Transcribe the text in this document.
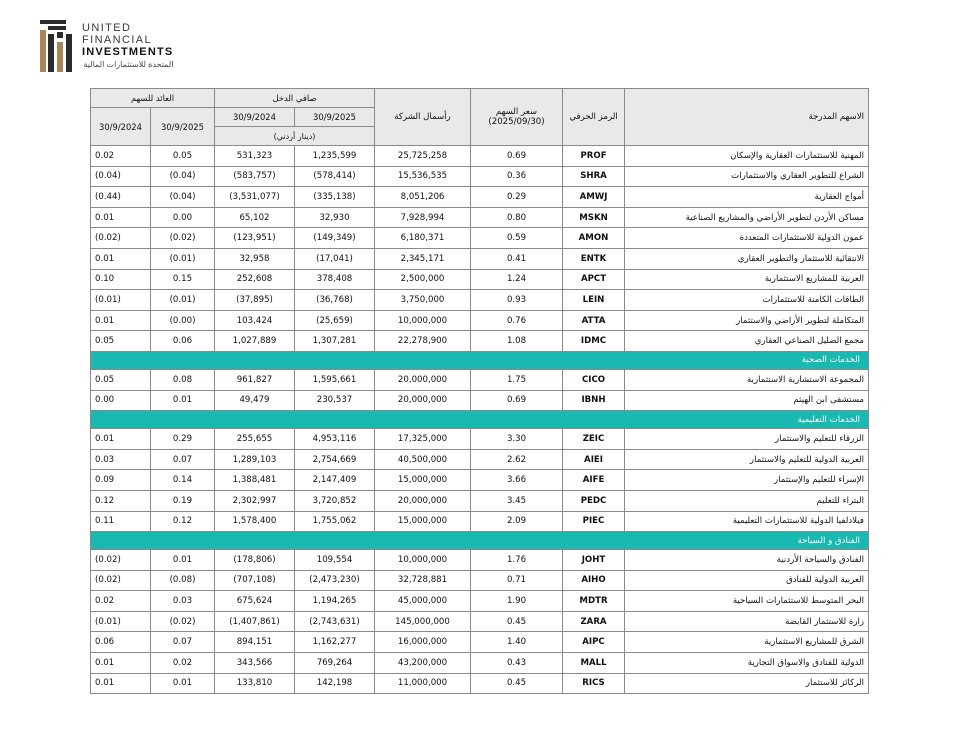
UNITED
FINANCIAL
INVESTMENTS
المتحدة للاستثمارات المالية
العائد للسهم		صافي الدخل		رأسمال الشركة	سعر السهم
(2025/09/30)	الرمز الحرفي	الاسهم المدرجة
30/9/2024	30/9/2025	30/9/2024	30/9/2025				
		(دينار أردني)					
0.02	0.05	531,323	1,235,599	25,725,258	0.69	PROF	المهنية للاستثمارات العقارية والإسكان
(0.04)	(0.04)	(583,757)	(578,414)	15,536,535	0.36	SHRA	الشراع للتطوير العقاري والاستثمارات
(0.44)	(0.04)	(3,531,077)	(335,138)	8,051,206	0.29	AMWJ	أمواج العقارية
0.01	0.00	65,102	32,930	7,928,994	0.80	MSKN	مساكن الأردن لتطوير الأراضي والمشاريع الصناعية
(0.02)	(0.02)	(123,951)	(149,349)	6,180,371	0.59	AMON	عمون الدولية للاستثمارات المتعددة
0.01	(0.01)	32,958	(17,041)	2,345,171	0.41	ENTK	الانتقائية للاستثمار والتطوير العقاري
0.10	0.15	252,608	378,408	2,500,000	1.24	APCT	العربية للمشاريع الاستثمارية
(0.01)	(0.01)	(37,895)	(36,768)	3,750,000	0.93	LEIN	الطاقات الكامنة للاستثمارات
0.01	(0.00)	103,424	(25,659)	10,000,000	0.76	ATTA	المتكاملة لتطوير الأراضي والاستثمار
0.05	0.06	1,027,889	1,307,281	22,278,900	1.08	IDMC	مجمع الضليل الصناعي العقاري
الخدمات الصحية							
0.05	0.08	961,827	1,595,661	20,000,000	1.75	CICO	المجموعة الاستشارية الاستثمارية
0.00	0.01	49,479	230,537	20,000,000	0.69	IBNH	مستشفى ابن الهيثم
الخدمات التعليمية							
0.01	0.29	255,655	4,953,116	17,325,000	3.30	ZEIC	الزرقاء للتعليم والاستثمار
0.03	0.07	1,289,103	2,754,669	40,500,000	2.62	AIEI	العربية الدولية للتعليم والاستثمار
0.09	0.14	1,388,481	2,147,409	15,000,000	3.66	AIFE	الإسراء للتعليم والإستثمار
0.12	0.19	2,302,997	3,720,852	20,000,000	3.45	PEDC	البتراء للتعليم
0.11	0.12	1,578,400	1,755,062	15,000,000	2.09	PIEC	فيلادلفيا الدولية للاستثمارات التعليمية
الفنادق و السياحة							
(0.02)	0.01	(178,806)	109,554	10,000,000	1.76	JOHT	الفنادق والسياحة الأردنية
(0.02)	(0.08)	(707,108)	(2,473,230)	32,728,881	0.71	AIHO	العربية الدولية للفنادق
0.02	0.03	675,624	1,194,265	45,000,000	1.90	MDTR	البحر المتوسط للاستثمارات السياحية
(0.01)	(0.02)	(1,407,861)	(2,743,631)	145,000,000	0.45	ZARA	زارة للاستثمار القابضة
0.06	0.07	894,151	1,162,277	16,000,000	1.40	AIPC	الشرق للمشاريع الاستثمارية
0.01	0.02	343,566	769,264	43,200,000	0.43	MALL	الدولية للفنادق والاسواق التجارية
0.01	0.01	133,810	142,198	11,000,000	0.45	RICS	الركائز للاستثمار
